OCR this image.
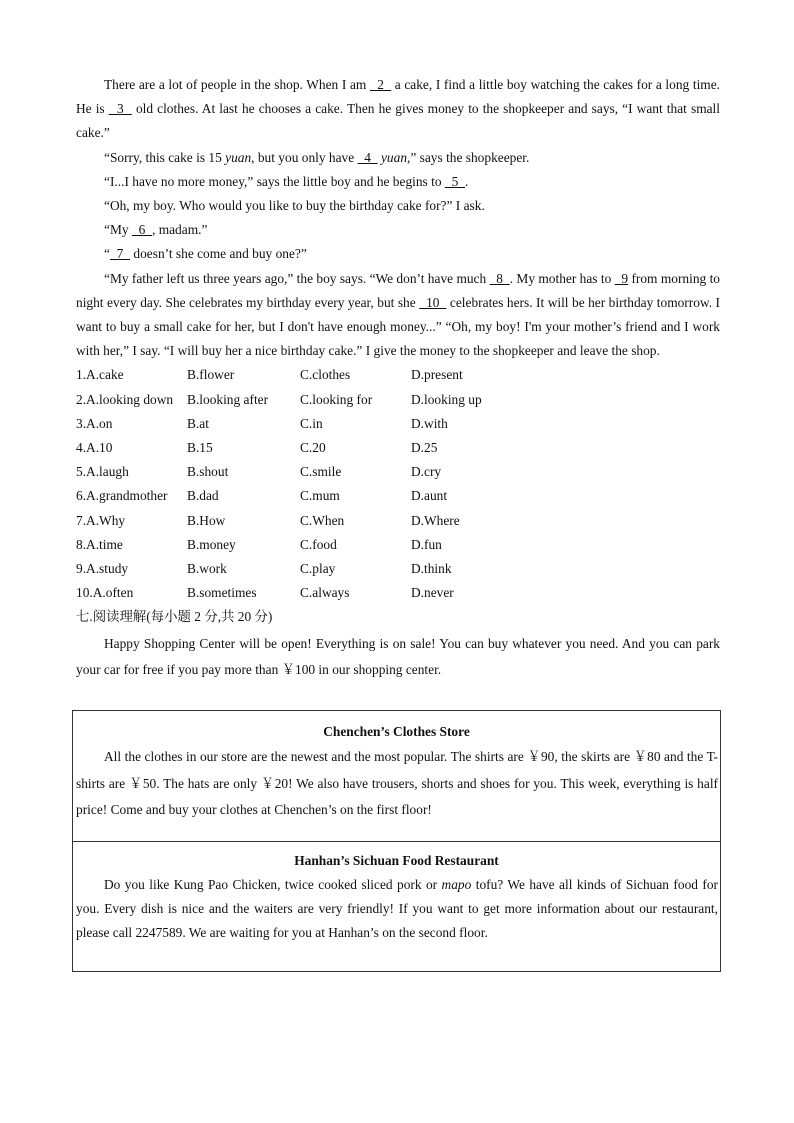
There are a lot of people in the shop. When I am   2   a cake, I find a little boy watching the cakes for a long time. He is   3   old clothes. At last he chooses a cake. Then he gives money to the shopkeeper and says, “I want that small cake.”

“Sorry, this cake is 15 yuan, but you only have   4   yuan,” says the shopkeeper.

“I...I have no more money,” says the little boy and he begins to   5  .

“Oh, my boy. Who would you like to buy the birthday cake for?” I ask.

“My   6  , madam.”

“  7   doesn’t she come and buy one?”

“My father left us three years ago,” the boy says. “We don’t have much   8  . My mother has to   9 from morning to night every day. She celebrates my birthday every year, but she   10   celebrates hers. It will be her birthday tomorrow. I want to buy a small cake for her, but I don't have enough money...” “Oh, my boy! I'm your mother’s friend and I work with her,” I say. “I will buy her a nice birthday cake.” I give the money to the shopkeeper and leave the shop.

1.A.cake	B.flower	C.clothes	D.present
2.A.looking down	B.looking after	C.looking for	D.looking up
3.A.on	B.at	C.in	D.with
4.A.10	B.15	C.20	D.25
5.A.laugh	B.shout	C.smile	D.cry
6.A.grandmother	B.dad	C.mum	D.aunt
7.A.Why	B.How	C.When	D.Where
8.A.time	B.money	C.food	D.fun
9.A.study	B.work	C.play	D.think
10.A.often	B.sometimes	C.always	D.never
七.阅读理解(每小题 2 分,共 20 分)

Happy Shopping Center will be open! Everything is on sale! You can buy whatever you need. And you can park your car for free if you pay more than ￥100 in our shopping center.

Chenchen’s Clothes Store

All the clothes in our store are the newest and the most popular. The shirts are ￥90, the skirts are ￥80 and the T-shirts are ￥50. The hats are only ￥20! We also have trousers, shorts and shoes for you. This week, everything is half price! Come and buy your clothes at Chenchen’s on the first floor!

Hanhan’s Sichuan Food Restaurant

Do you like Kung Pao Chicken, twice cooked sliced pork or mapo tofu? We have all kinds of Sichuan food for you. Every dish is nice and the waiters are very friendly! If you want to get more information about our restaurant, please call 2247589. We are waiting for you at Hanhan’s on the second floor.
